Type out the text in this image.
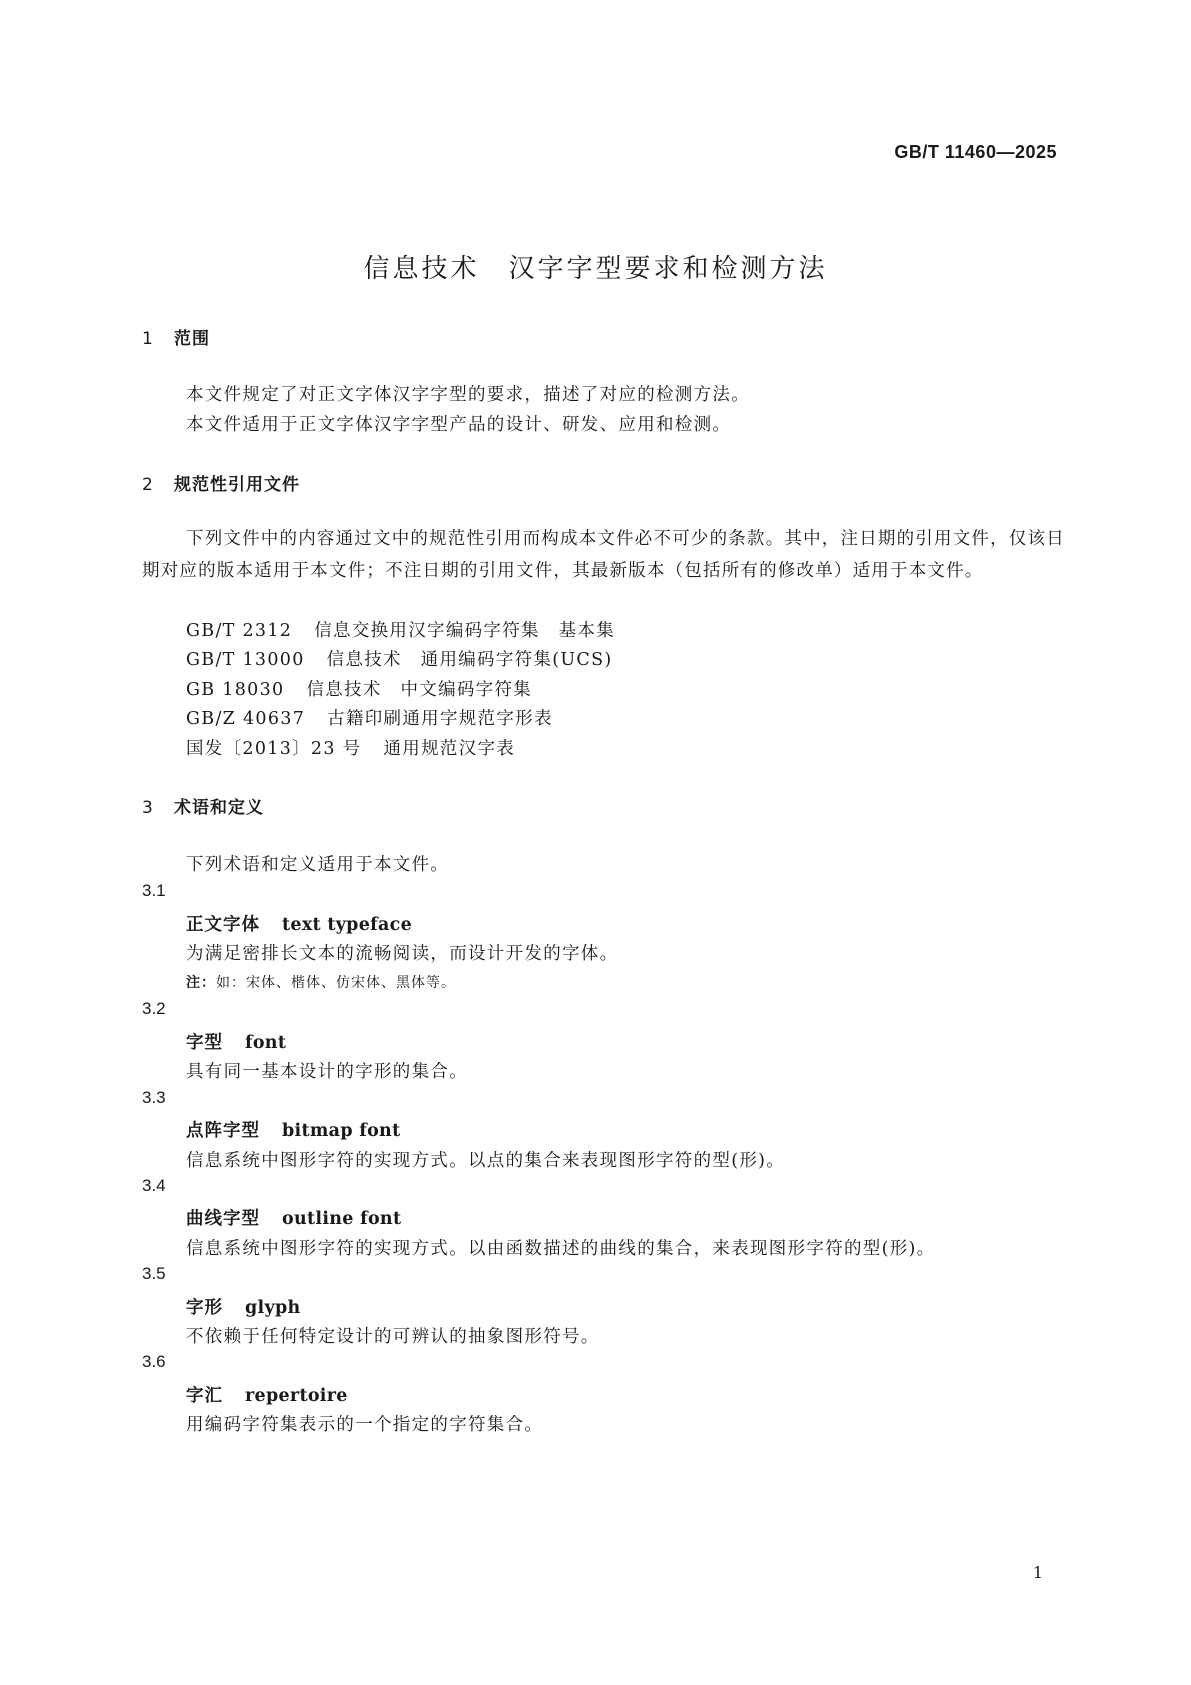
GB/T 11460—2025
信息技术　汉字字型要求和检测方法
1 范围
本文件规定了对正文字体汉字字型的要求，描述了对应的检测方法。
本文件适用于正文字体汉字字型产品的设计、研发、应用和检测。
2 规范性引用文件
下列文件中的内容通过文中的规范性引用而构成本文件必不可少的条款。其中，注日期的引用文件，仅该日期对应的版本适用于本文件；不注日期的引用文件，其最新版本（包括所有的修改单）适用于本文件。
GB/T 2312 信息交换用汉字编码字符集　基本集
GB/T 13000 信息技术　通用编码字符集(UCS)
GB 18030 信息技术　中文编码字符集
GB/Z 40637 古籍印刷通用字规范字形表
国发〔2013〕23 号 通用规范汉字表
3 术语和定义
下列术语和定义适用于本文件。
3.1
正文字体 text typeface
为满足密排长文本的流畅阅读，而设计开发的字体。
注：如：宋体、楷体、仿宋体、黑体等。
3.2
字型 font
具有同一基本设计的字形的集合。
3.3
点阵字型 bitmap font
信息系统中图形字符的实现方式。以点的集合来表现图形字符的型(形)。
3.4
曲线字型 outline font
信息系统中图形字符的实现方式。以由函数描述的曲线的集合，来表现图形字符的型(形)。
3.5
字形 glyph
不依赖于任何特定设计的可辨认的抽象图形符号。
3.6
字汇 repertoire
用编码字符集表示的一个指定的字符集合。
1
